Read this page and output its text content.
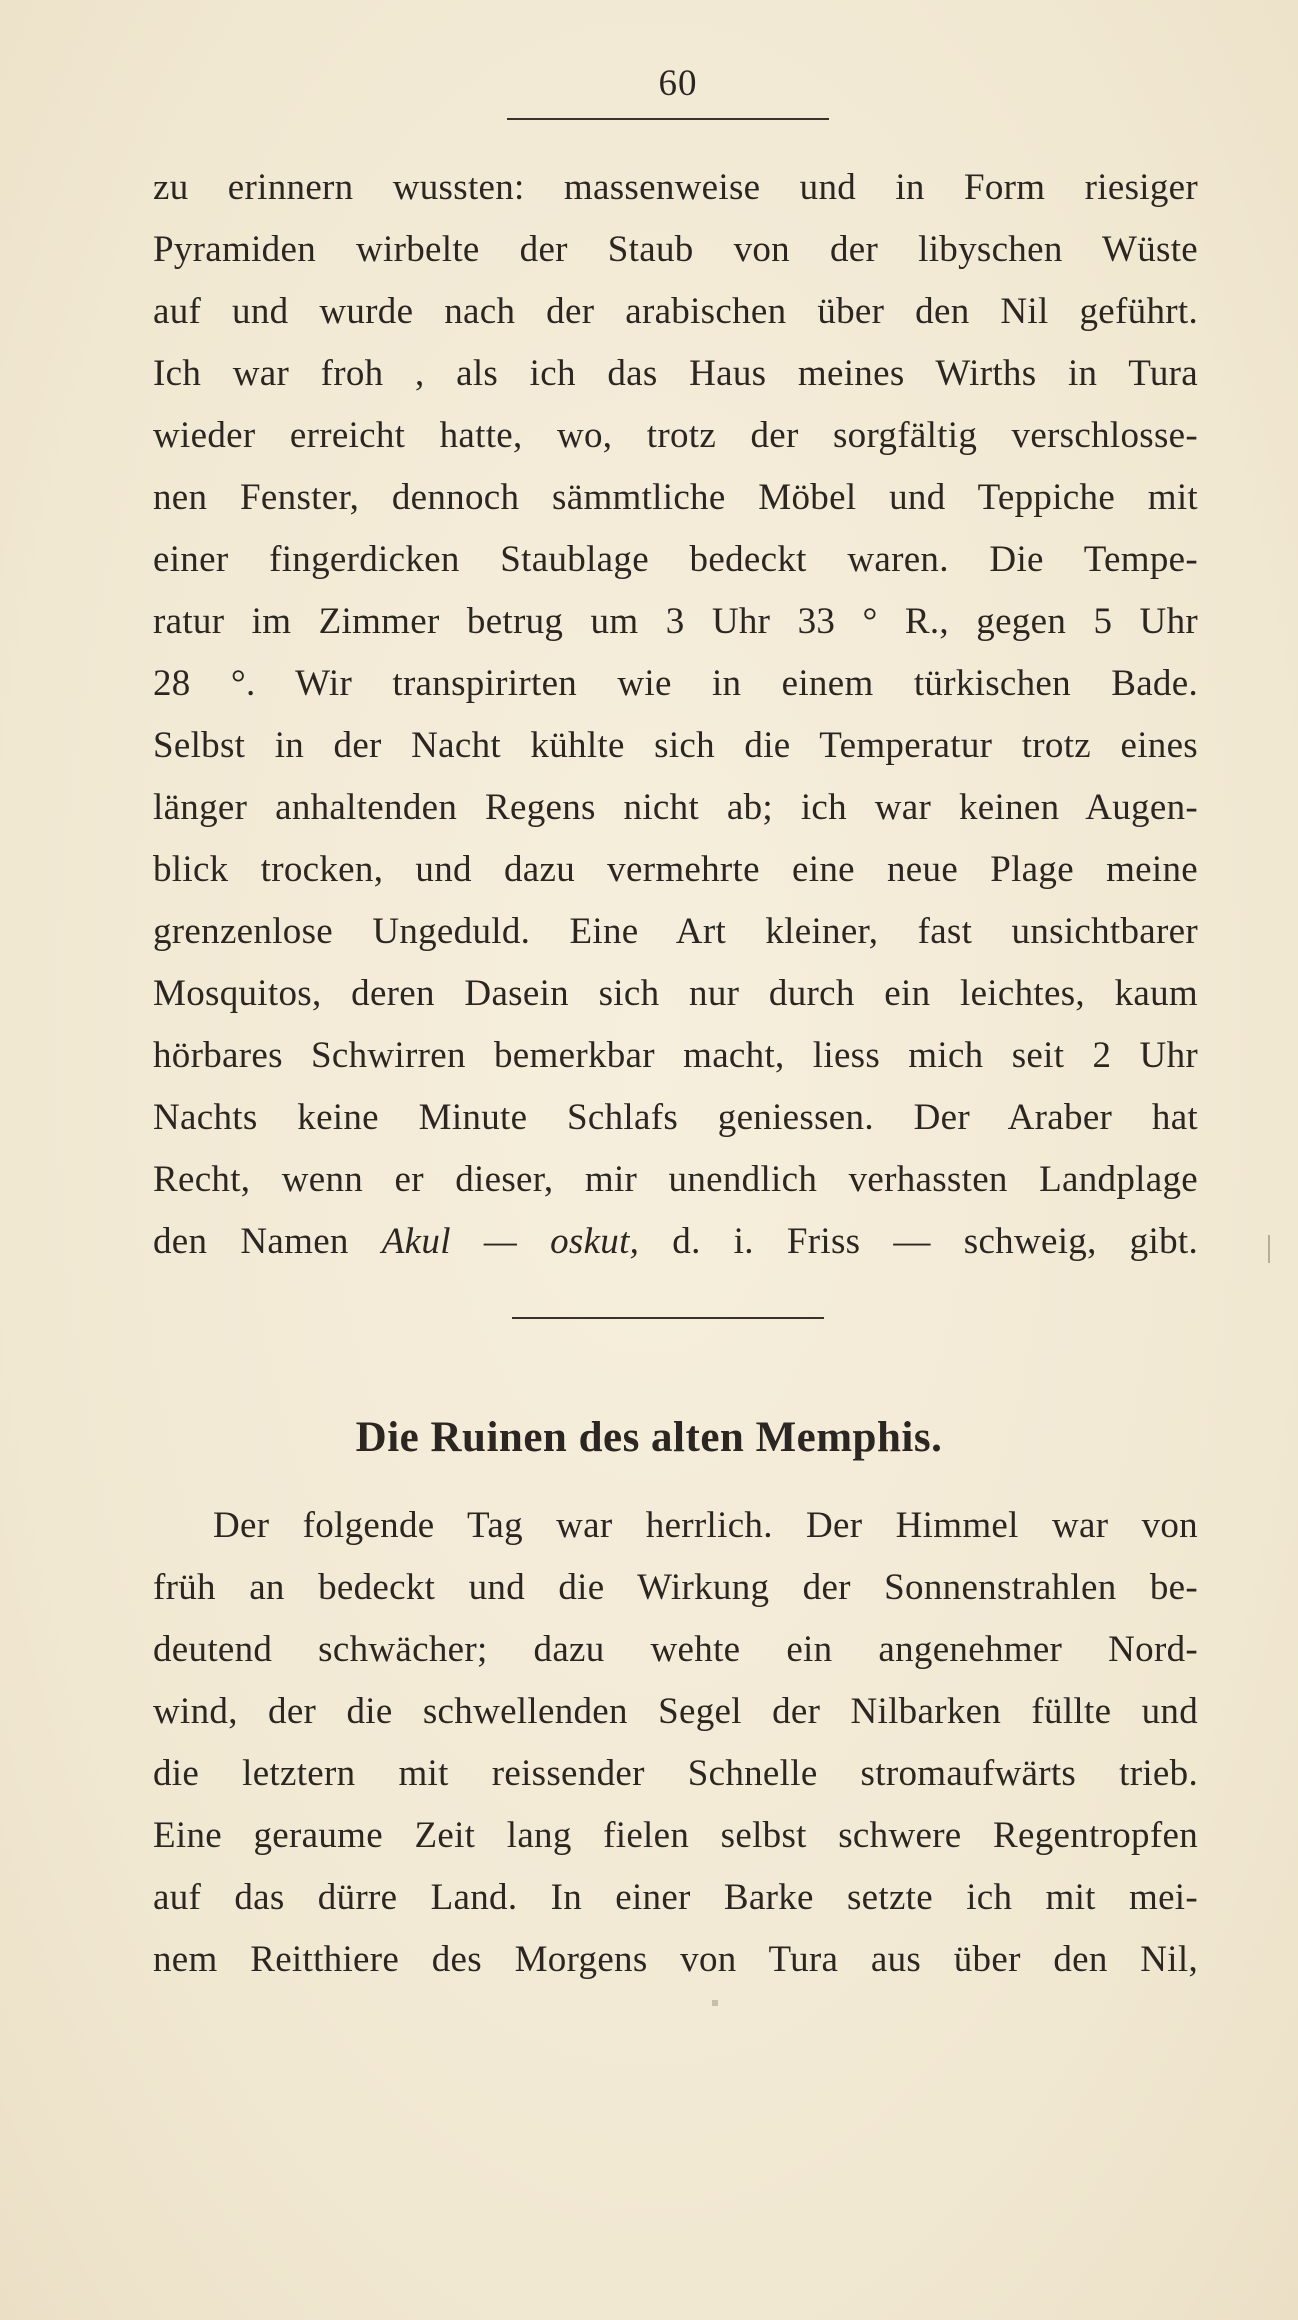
60
zu erinnern wussten: massenweise und in Form riesiger
Pyramiden wirbelte der Staub von der libyschen Wüste
auf und wurde nach der arabischen über den Nil geführt.
Ich war froh , als ich das Haus meines Wirths in Tura
wieder erreicht hatte, wo, trotz der sorgfältig verschlosse-
nen Fenster, dennoch sämmtliche Möbel und Teppiche mit
einer fingerdicken Staublage bedeckt waren. Die Tempe-
ratur im Zimmer betrug um 3 Uhr 33 ° R., gegen 5 Uhr
28 °. Wir transpirirten wie in einem türkischen Bade.
Selbst in der Nacht kühlte sich die Temperatur trotz eines
länger anhaltenden Regens nicht ab; ich war keinen Augen-
blick trocken, und dazu vermehrte eine neue Plage meine
grenzenlose Ungeduld. Eine Art kleiner, fast unsichtbarer
Mosquitos, deren Dasein sich nur durch ein leichtes, kaum
hörbares Schwirren bemerkbar macht, liess mich seit 2 Uhr
Nachts keine Minute Schlafs geniessen. Der Araber hat
Recht, wenn er dieser, mir unendlich verhassten Landplage
den Namen Akul — oskut, d. i. Friss — schweig, gibt.
Die Ruinen des alten Memphis.
Der folgende Tag war herrlich. Der Himmel war von
früh an bedeckt und die Wirkung der Sonnenstrahlen be-
deutend schwächer; dazu wehte ein angenehmer Nord-
wind, der die schwellenden Segel der Nilbarken füllte und
die letztern mit reissender Schnelle stromaufwärts trieb.
Eine geraume Zeit lang fielen selbst schwere Regentropfen
auf das dürre Land. In einer Barke setzte ich mit mei-
nem Reitthiere des Morgens von Tura aus über den Nil,
